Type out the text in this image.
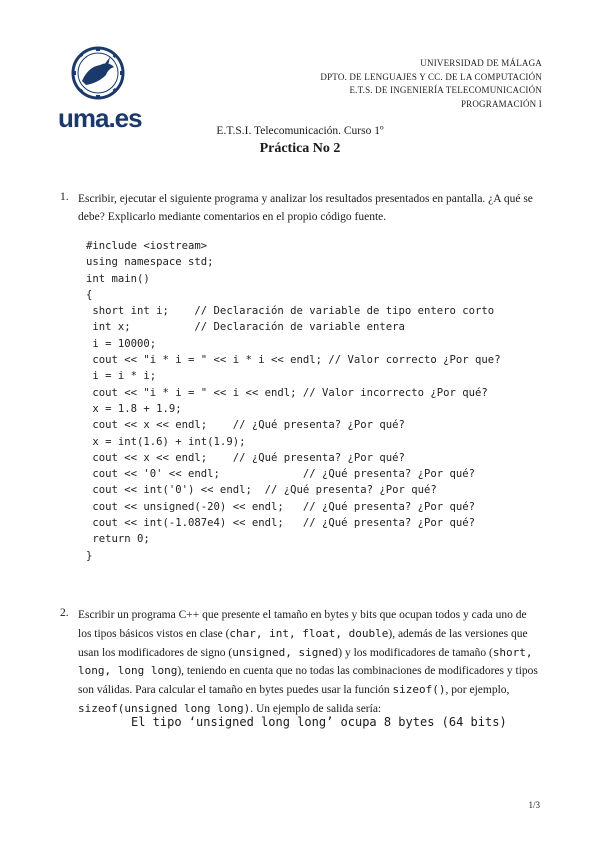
uma.es
UNIVERSIDAD DE MÁLAGA
DPTO. DE LENGUAJES Y CC. DE LA COMPUTACIÓN
E.T.S. DE INGENIERÍA TELECOMUNICACIÓN
PROGRAMACIÓN I
E.T.S.I. Telecomunicación. Curso 1º
Práctica No 2
1. Escribir, ejecutar el siguiente programa y analizar los resultados presentados en pantalla. ¿A qué se debe? Explicarlo mediante comentarios en el propio código fuente.
#include <iostream>
using namespace std;
int main()
{
short int i;    // Declaración de variable de tipo entero corto
int x;          // Declaración de variable entera
i = 10000;
cout << "i * i = " << i * i << endl; // Valor correcto ¿Por que?
i = i * i;
cout << "i * i = " << i << endl; // Valor incorrecto ¿Por qué?
x = 1.8 + 1.9;
cout << x << endl;    // ¿Qué presenta? ¿Por qué?
x = int(1.6) + int(1.9);
cout << x << endl;    // ¿Qué presenta? ¿Por qué?
cout << '0' << endl;             // ¿Qué presenta? ¿Por qué?
cout << int('0') << endl;  // ¿Qué presenta? ¿Por qué?
cout << unsigned(-20) << endl;   // ¿Qué presenta? ¿Por qué?
cout << int(-1.087e4) << endl;   // ¿Qué presenta? ¿Por qué?
return 0;
}
2. Escribir un programa C++ que presente el tamaño en bytes y bits que ocupan todos y cada uno de los tipos básicos vistos en clase (char, int, float, double), además de las versiones que usan los modificadores de signo (unsigned, signed) y los modificadores de tamaño (short, long, long long), teniendo en cuenta que no todas las combinaciones de modificadores y tipos son válidas. Para calcular el tamaño en bytes puedes usar la función sizeof(), por ejemplo, sizeof(unsigned long long). Un ejemplo de salida sería:
El tipo ‘unsigned long long’ ocupa 8 bytes (64 bits)
1/3
